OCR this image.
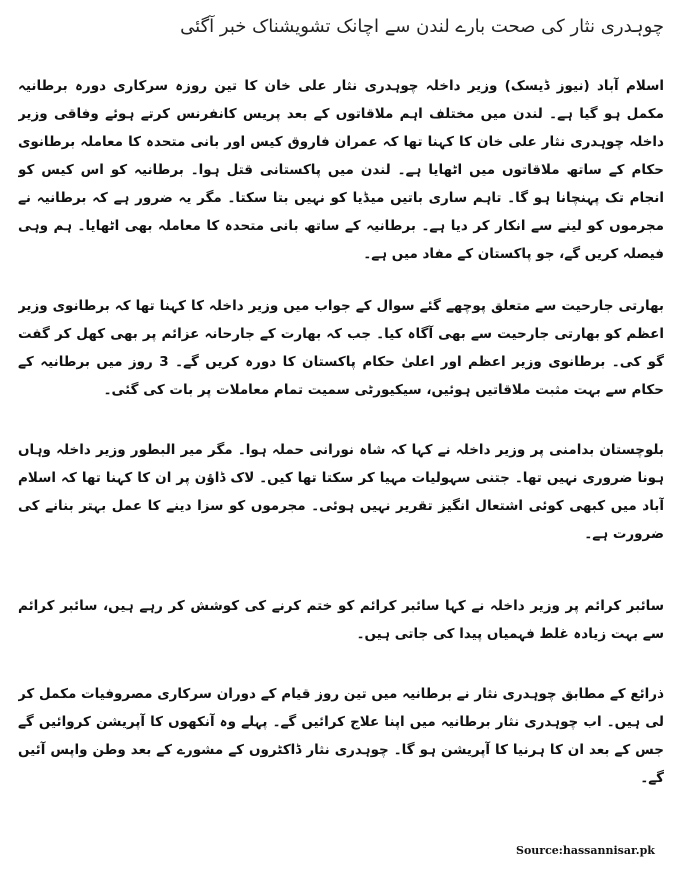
چوہدری نثار کی صحت بارے لندن سے اچانک تشویشناک خبر آگئی

اسلام آباد (نیوز ڈیسک) وزیر داخلہ چوہدری نثار علی خان کا تین روزہ سرکاری دورہ برطانیہ مکمل ہو گیا ہے۔ لندن میں مختلف اہم ملاقاتوں کے بعد پریس کانفرنس کرتے ہوئے وفاقی وزیر داخلہ چوہدری نثار علی خان کا کہنا تھا کہ عمران فاروق کیس اور بانی متحدہ کا معاملہ برطانوی حکام کے ساتھ ملاقاتوں میں اٹھایا ہے۔ لندن میں پاکستانی قتل ہوا۔ برطانیہ کو اس کیس کو انجام تک پہنچانا ہو گا۔ تاہم ساری باتیں میڈیا کو نہیں بتا سکتا۔ مگر یہ ضرور ہے کہ برطانیہ نے مجرموں کو لینے سے انکار کر دیا ہے۔ برطانیہ کے ساتھ بانی متحدہ کا معاملہ بھی اٹھایا۔ ہم وہی فیصلہ کریں گے، جو پاکستان کے مفاد میں ہے۔

بھارتی جارحیت سے متعلق پوچھے گئے سوال کے جواب میں وزیر داخلہ کا کہنا تھا کہ برطانوی وزیر اعظم کو بھارتی جارحیت سے بھی آگاہ کیا۔ جب کہ بھارت کے جارحانہ عزائم پر بھی کھل کر گفت گو کی۔ برطانوی وزیر اعظم اور اعلیٰ حکام پاکستان کا دورہ کریں گے۔ 3 روز میں برطانیہ کے حکام سے بہت مثبت ملاقاتیں ہوئیں، سیکیورٹی سمیت تمام معاملات پر بات کی گئی۔

بلوچستان بدامنی پر وزیر داخلہ نے کہا کہ شاہ نورانی حملہ ہوا۔ مگر میر البطور وزیر داخلہ وہاں ہونا ضروری نہیں تھا۔ جتنی سہولیات مہیا کر سکتا تھا کیں۔ لاک ڈاؤن پر ان کا کہنا تھا کہ اسلام آباد میں کبھی کوئی اشتعال انگیز تقریر نہیں ہوئی۔ مجرموں کو سزا دینے کا عمل بہتر بنانے کی ضرورت ہے۔

سائبر کرائم پر وزیر داخلہ نے کہا سائبر کرائم کو ختم کرنے کی کوشش کر رہے ہیں، سائبر کرائم سے بہت زیادہ غلط فہمیاں پیدا کی جاتی ہیں۔

ذرائع کے مطابق چوہدری نثار نے برطانیہ میں تین روز قیام کے دوران سرکاری مصروفیات مکمل کر لی ہیں۔ اب چوہدری نثار برطانیہ میں اپنا علاج کرائیں گے۔ پہلے وہ آنکھوں کا آپریشن کروائیں گے جس کے بعد ان کا ہرنیا کا آپریشن ہو گا۔ چوہدری نثار ڈاکٹروں کے مشورے کے بعد وطن واپس آئیں گے۔

Source:hassannisar.pk
